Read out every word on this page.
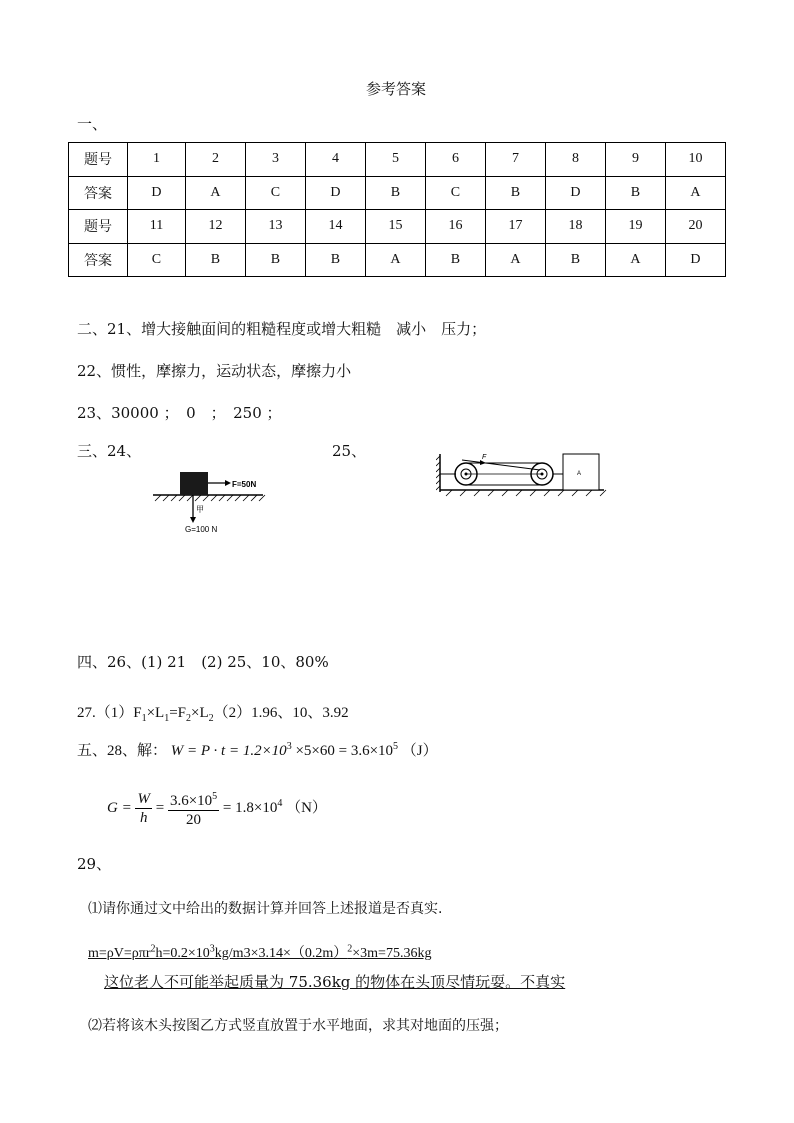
参考答案
一、
题号	1	2	3	4	5	6	7	8	9	10
答案	D	A	C	D	B	C	B	D	B	A
题号	11	12	13	14	15	16	17	18	19	20
答案	C	B	B	B	A	B	A	B	A	D
二、21、增大接触面间的粗糙程度或增大粗糙　减小　压力；
22、惯性，摩擦力，运动状态，摩擦力小
23、30000 ；　0　；　250 ；
三、24、	25、
F=50N
甲
G=100 N
F
A
四、26、(1) 21　(2) 25、10、80%
$27.(1)F_1\times L_1=F_2\times L_2(2)1.96$、10、3.92
五、28、解： $W = P \cdot t = 1.2\times 10^3 \times 5\times 60 = 3.6\times 10^5$ （J）
$G = \frac{W}{h} = \frac{3.6\times 10^5}{20} = 1.8\times 10^4$ （N）
29、
⑴请你通过文中给出的数据计算并回答上述报道是否真实.
$m=\rho V=\rho\pi r^2h=0.2\times 10^3kg/m3\times 3.14\times(0.2m)^2\times 3m=75.36kg$
这位老人不可能举起质量为 75.36kg 的物体在头顶尽情玩耍。不真实
⑵若将该木头按图乙方式竖直放置于水平地面，求其对地面的压强；
